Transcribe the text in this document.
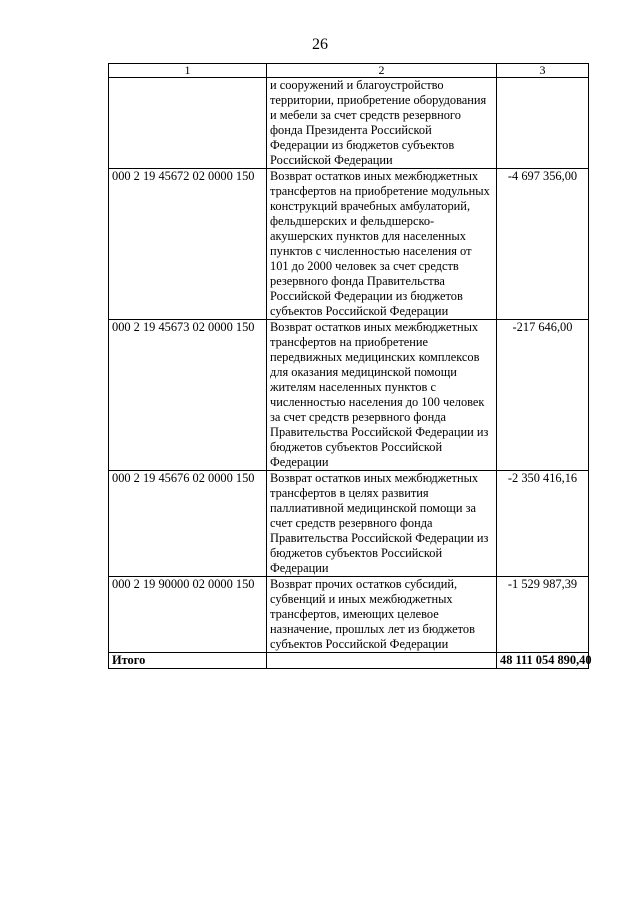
26
1	2	3
	и сооружений и благоустройство территории, приобретение оборудования и мебели за счет средств резервного фонда Президента Российской Федерации из бюджетов субъектов Российской Федерации	
000 2 19 45672 02 0000 150	Возврат остатков иных межбюджетных трансфертов на приобретение модульных конструкций врачебных амбулаторий, фельдшерских и фельдшерско-акушерских пунктов для населенных пунктов с численностью населения от 101 до 2000 человек за счет средств резервного фонда Правительства Российской Федерации из бюджетов субъектов Российской Федерации	-4 697 356,00
000 2 19 45673 02 0000 150	Возврат остатков иных межбюджетных трансфертов на приобретение передвижных медицинских комплексов для оказания медицинской помощи жителям населенных пунктов с численностью населения до 100 человек за счет средств резервного фонда Правительства Российской Федерации из бюджетов субъектов Российской Федерации	-217 646,00
000 2 19 45676 02 0000 150	Возврат остатков иных межбюджетных трансфертов в целях развития паллиативной медицинской помощи за счет средств резервного фонда Правительства Российской Федерации из бюджетов субъектов Российской Федерации	-2 350 416,16
000 2 19 90000 02 0000 150	Возврат прочих остатков субсидий, субвенций и иных межбюджетных трансфертов, имеющих целевое назначение, прошлых лет из бюджетов субъектов Российской Федерации	-1 529 987,39
Итого		48 111 054 890,40
